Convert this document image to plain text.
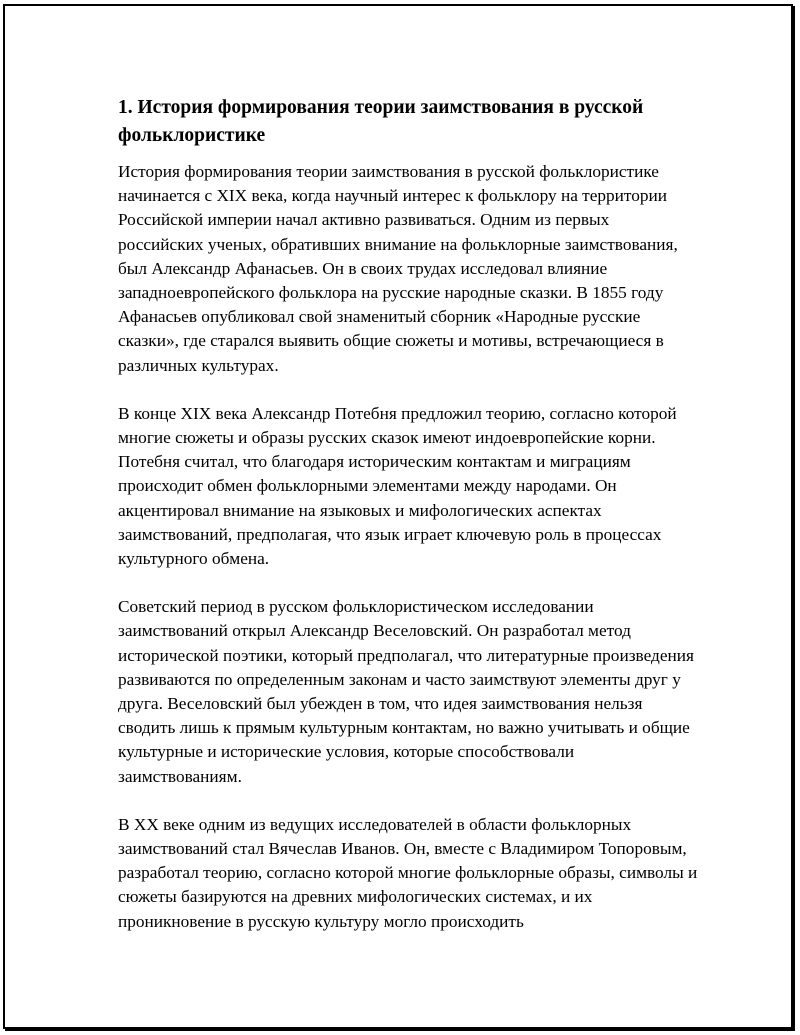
1. История формирования теории заимствования в русской фольклористике

История формирования теории заимствования в русской фольклористике начинается с XIX века, когда научный интерес к фольклору на территории Российской империи начал активно развиваться. Одним из первых российских ученых, обративших внимание на фольклорные заимствования, был Александр Афанасьев. Он в своих трудах исследовал влияние западноевропейского фольклора на русские народные сказки. В 1855 году Афанасьев опубликовал свой знаменитый сборник «Народные русские сказки», где старался выявить общие сюжеты и мотивы, встречающиеся в различных культурах.

В конце XIX века Александр Потебня предложил теорию, согласно которой многие сюжеты и образы русских сказок имеют индоевропейские корни. Потебня считал, что благодаря историческим контактам и миграциям происходит обмен фольклорными элементами между народами. Он акцентировал внимание на языковых и мифологических аспектах заимствований, предполагая, что язык играет ключевую роль в процессах культурного обмена.

Советский период в русском фольклористическом исследовании заимствований открыл Александр Веселовский. Он разработал метод исторической поэтики, который предполагал, что литературные произведения развиваются по определенным законам и часто заимствуют элементы друг у друга. Веселовский был убежден в том, что идея заимствования нельзя сводить лишь к прямым культурным контактам, но важно учитывать и общие культурные и исторические условия, которые способствовали заимствованиям.

В XX веке одним из ведущих исследователей в области фольклорных заимствований стал Вячеслав Иванов. Он, вместе с Владимиром Топоровым, разработал теорию, согласно которой многие фольклорные образы, символы и сюжеты базируются на древних мифологических системах, и их проникновение в русскую культуру могло происходить
